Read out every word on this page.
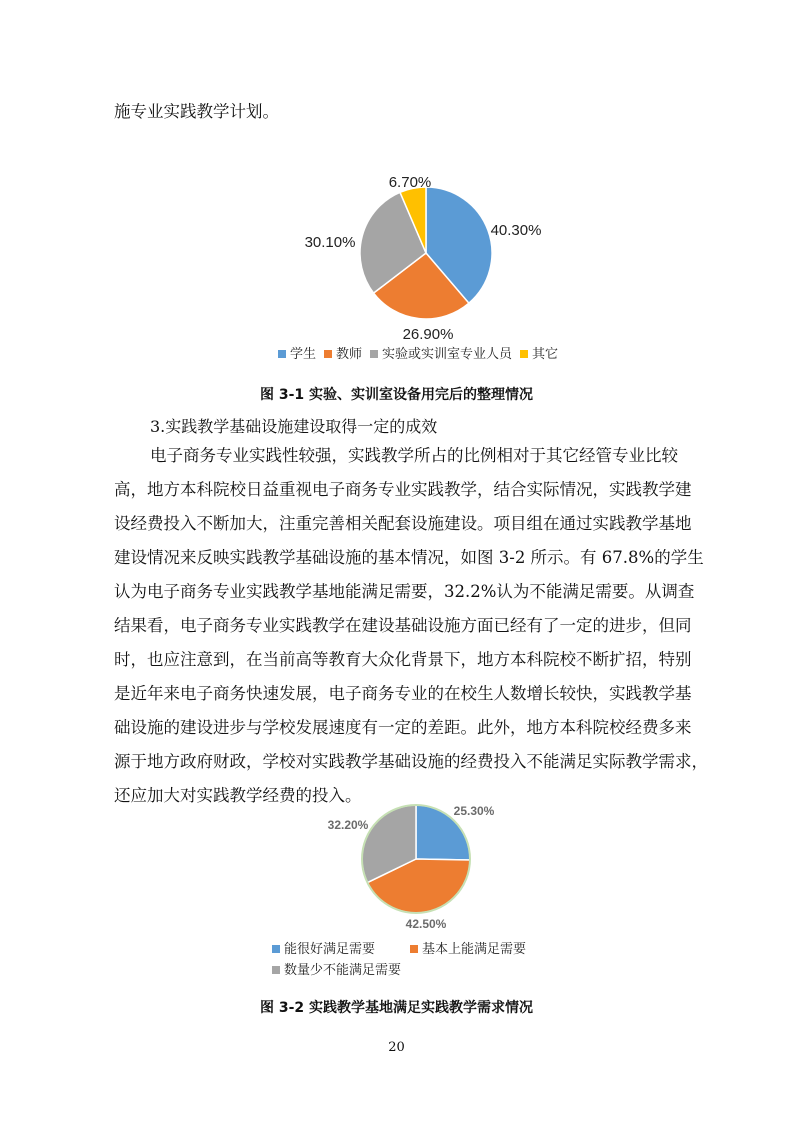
施专业实践教学计划。
40.30%
26.90%
30.10%
6.70%
学生	教师	实验或实训室专业人员	其它
图 3-1 实验、实训室设备用完后的整理情况
3.实践教学基础设施建设取得一定的成效
电子商务专业实践性较强，实践教学所占的比例相对于其它经管专业比较
高，地方本科院校日益重视电子商务专业实践教学，结合实际情况，实践教学建
设经费投入不断加大，注重完善相关配套设施建设。项目组在通过实践教学基地
建设情况来反映实践教学基础设施的基本情况，如图 3-2 所示。有 67.8%的学生
认为电子商务专业实践教学基地能满足需要，32.2%认为不能满足需要。从调查
结果看，电子商务专业实践教学在建设基础设施方面已经有了一定的进步，但同
时，也应注意到，在当前高等教育大众化背景下，地方本科院校不断扩招，特别
是近年来电子商务快速发展，电子商务专业的在校生人数增长较快，实践教学基
础设施的建设进步与学校发展速度有一定的差距。此外，地方本科院校经费多来
源于地方政府财政，学校对实践教学基础设施的经费投入不能满足实际教学需求，
还应加大对实践教学经费的投入。
25.30%
42.50%
32.20%
能很好满足需要	基本上能满足需要
数量少不能满足需要
图 3-2 实践教学基地满足实践教学需求情况
20
